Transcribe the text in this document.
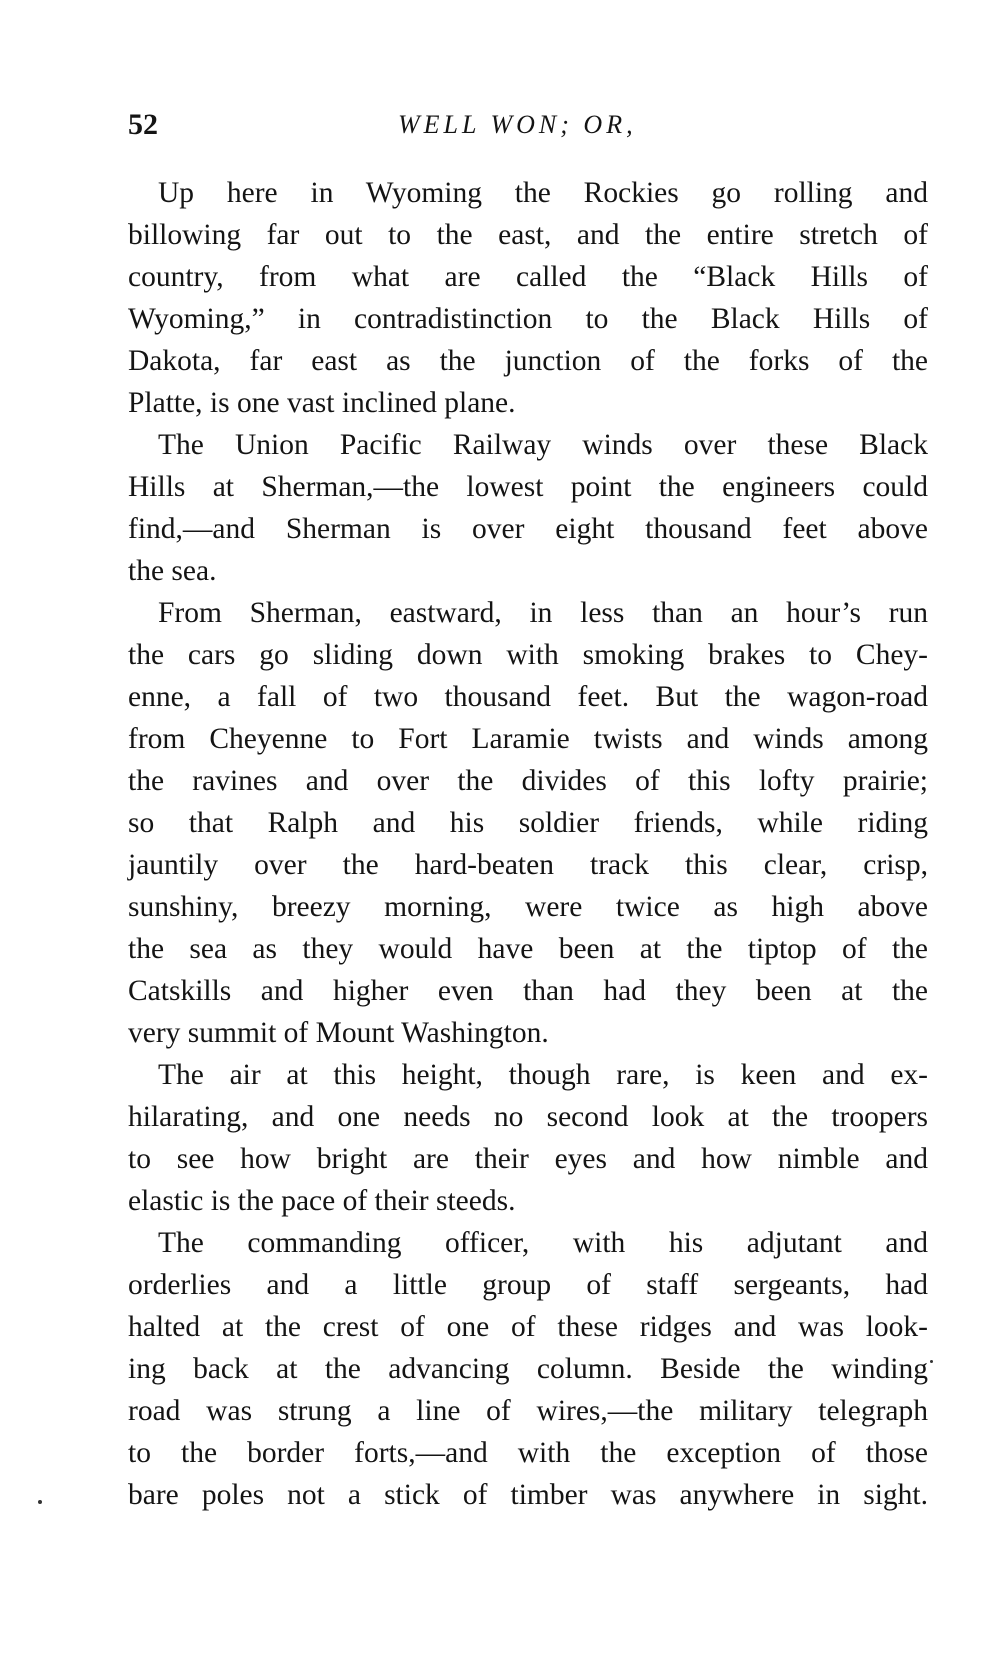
52	WELL WON; OR,

Up here in Wyoming the Rockies go rolling and
billowing far out to the east, and the entire stretch of
country, from what are called the “Black Hills of
Wyoming,” in contradistinction to the Black Hills of
Dakota, far east as the junction of the forks of the
Platte, is one vast inclined plane.

The Union Pacific Railway winds over these Black
Hills at Sherman,—the lowest point the engineers could
find,—and Sherman is over eight thousand feet above
the sea.

From Sherman, eastward, in less than an hour’s run
the cars go sliding down with smoking brakes to Chey-
enne, a fall of two thousand feet. But the wagon-road
from Cheyenne to Fort Laramie twists and winds among
the ravines and over the divides of this lofty prairie;
so that Ralph and his soldier friends, while riding
jauntily over the hard-beaten track this clear, crisp,
sunshiny, breezy morning, were twice as high above
the sea as they would have been at the tiptop of the
Catskills and higher even than had they been at the
very summit of Mount Washington.

The air at this height, though rare, is keen and ex-
hilarating, and one needs no second look at the troopers
to see how bright are their eyes and how nimble and
elastic is the pace of their steeds.

The commanding officer, with his adjutant and
orderlies and a little group of staff sergeants, had
halted at the crest of one of these ridges and was look-
ing back at the advancing column. Beside the winding
road was strung a line of wires,—the military telegraph
to the border forts,—and with the exception of those
bare poles not a stick of timber was anywhere in sight.
